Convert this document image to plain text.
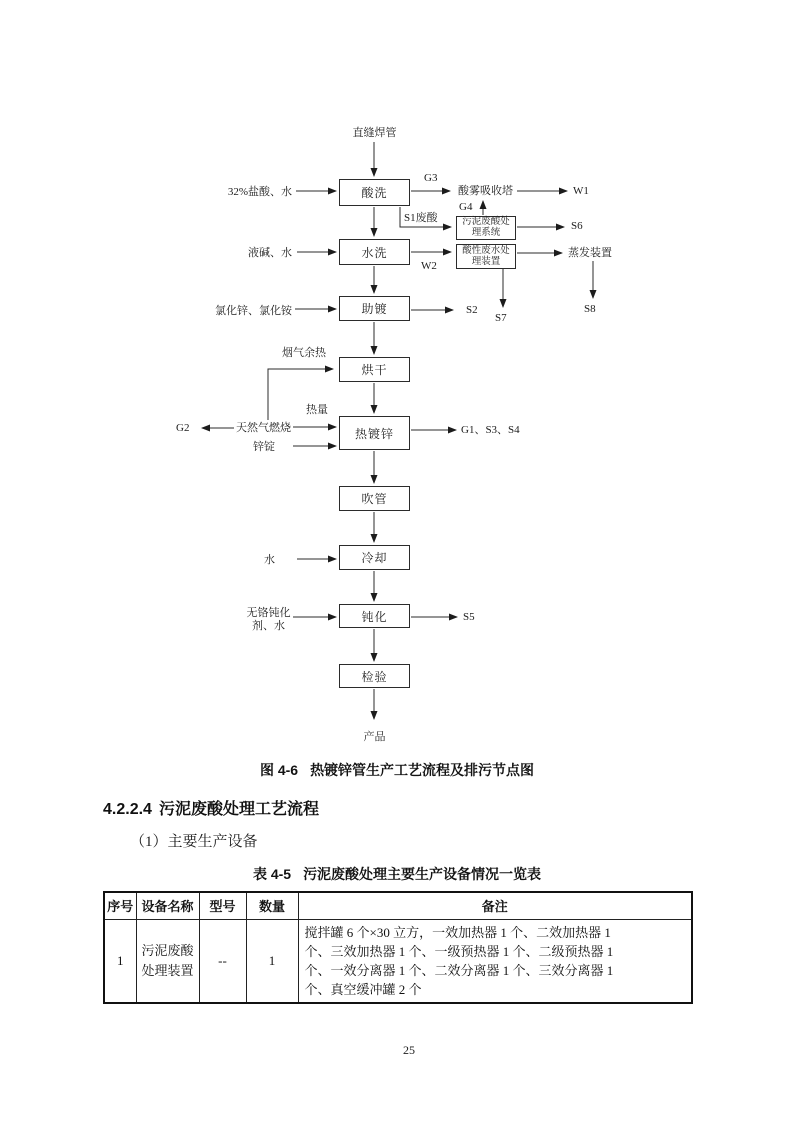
直缝焊管
产品
酸洗
水洗
助镀
烘干
热镀锌
吹管
冷却
钝化
检验
污泥废酸处理系统
酸性废水处理装置
32%盐酸、水
液碱、水
氯化锌、氯化铵
烟气余热
热量
天然气燃烧
锌锭
水
无铬钝化剂、水
G3
酸雾吸收塔	W1
G4
S1废酸
S6
W2
蒸发装置
S7
S8
S2
G2	G1、S3、S4
S5
图 4-6 热镀锌管生产工艺流程及排污节点图
4.2.2.4 污泥废酸处理工艺流程
（1）主要生产设备
表 4-5 污泥废酸处理主要生产设备情况一览表
序号	设备名称	型号	数量	备注
1	污泥废酸处理装置	--	1	搅拌罐 6 个×30 立方，一效加热器 1 个、二效加热器 1
个、三效加热器 1 个、一级预热器 1 个、二级预热器 1
个、一效分离器 1 个、二效分离器 1 个、三效分离器 1
个、真空缓冲罐 2 个
25
